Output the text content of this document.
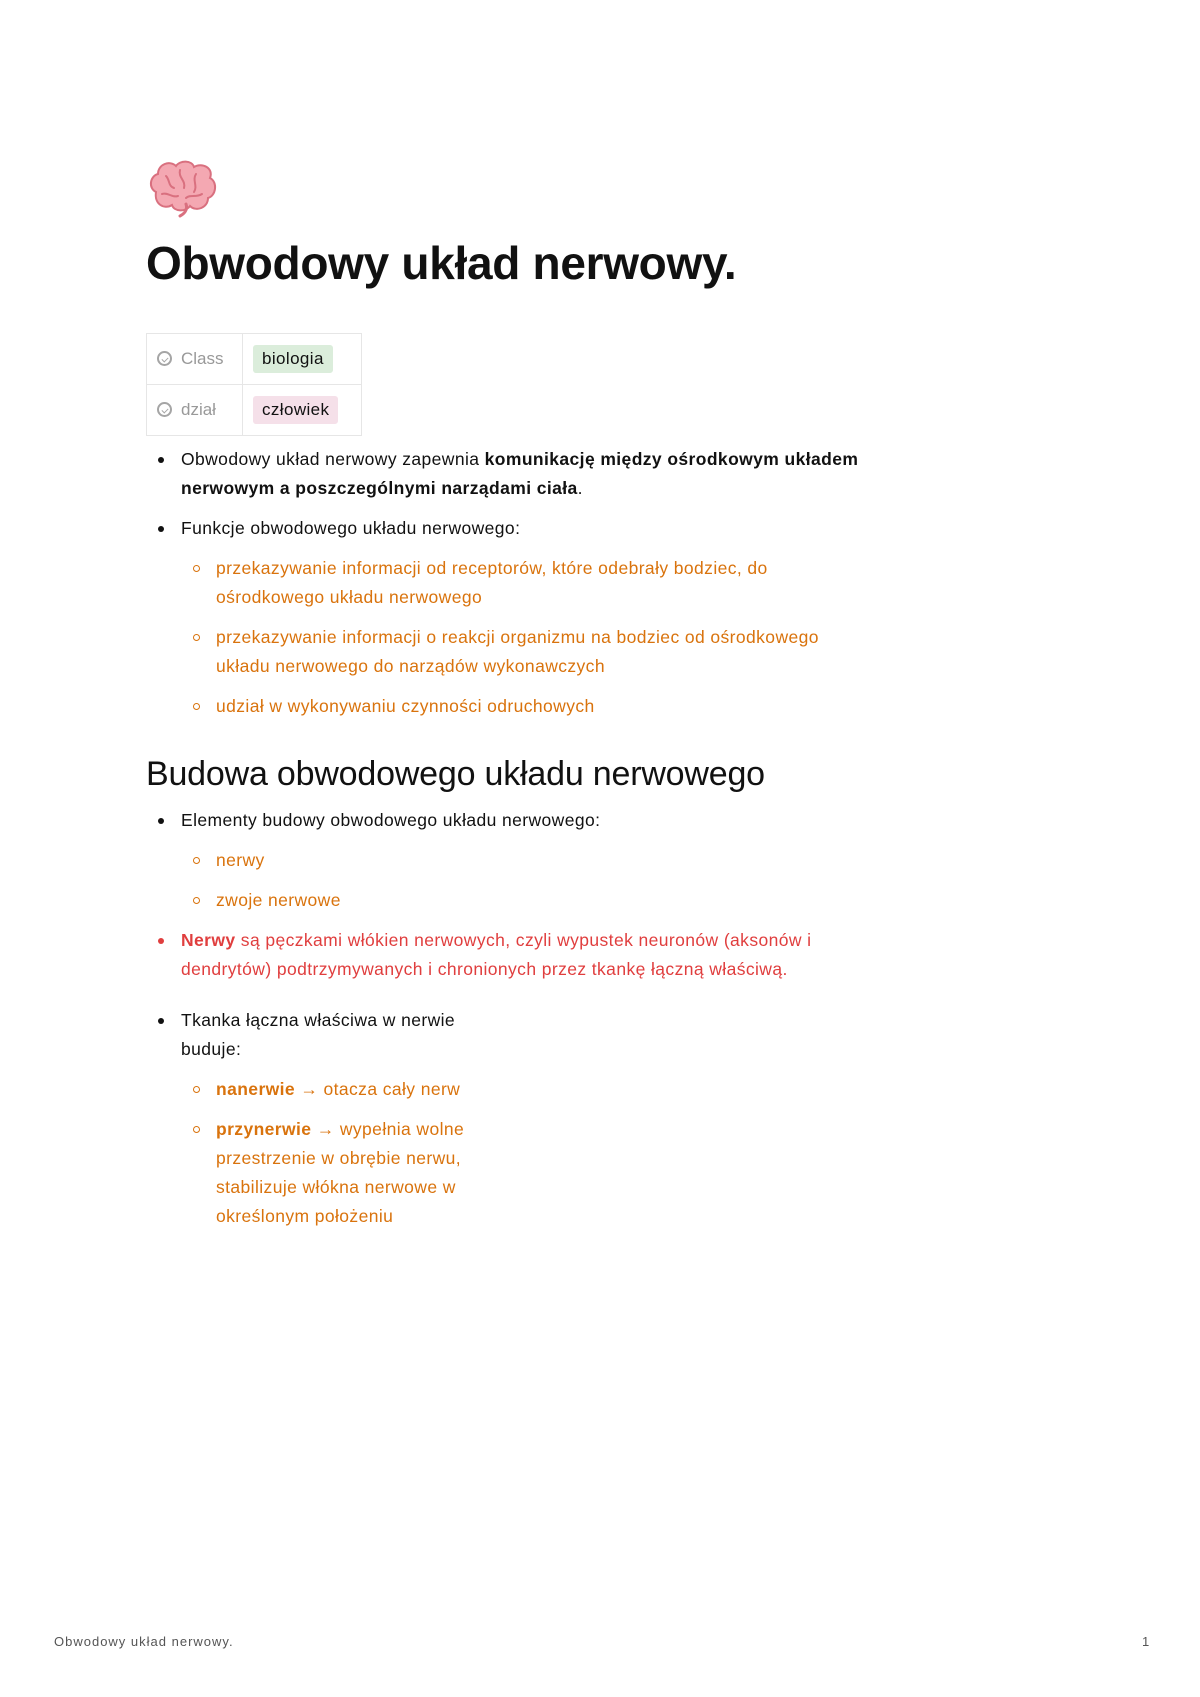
Obwodowy układ nerwowy.
Class	biologia
dział	człowiek
Obwodowy układ nerwowy zapewnia komunikację między ośrodkowym układem nerwowym a poszczególnymi narządami ciała.
Funkcje obwodowego układu nerwowego:
przekazywanie informacji od receptorów, które odebrały bodziec, do ośrodkowego układu nerwowego
przekazywanie informacji o reakcji organizmu na bodziec od ośrodkowego układu nerwowego do narządów wykonawczych
udział w wykonywaniu czynności odruchowych
Budowa obwodowego układu nerwowego
Elementy budowy obwodowego układu nerwowego:
nerwy
zwoje nerwowe
Nerwy są pęczkami włókien nerwowych, czyli wypustek neuronów (aksonów i dendrytów) podtrzymywanych i chronionych przez tkankę łączną właściwą.
Tkanka łączna właściwa w nerwie buduje:
nanerwie → otacza cały nerw
przynerwie → wypełnia wolne przestrzenie w obrębie nerwu, stabilizuje włókna nerwowe w określonym położeniu
Obwodowy układ nerwowy.	1
